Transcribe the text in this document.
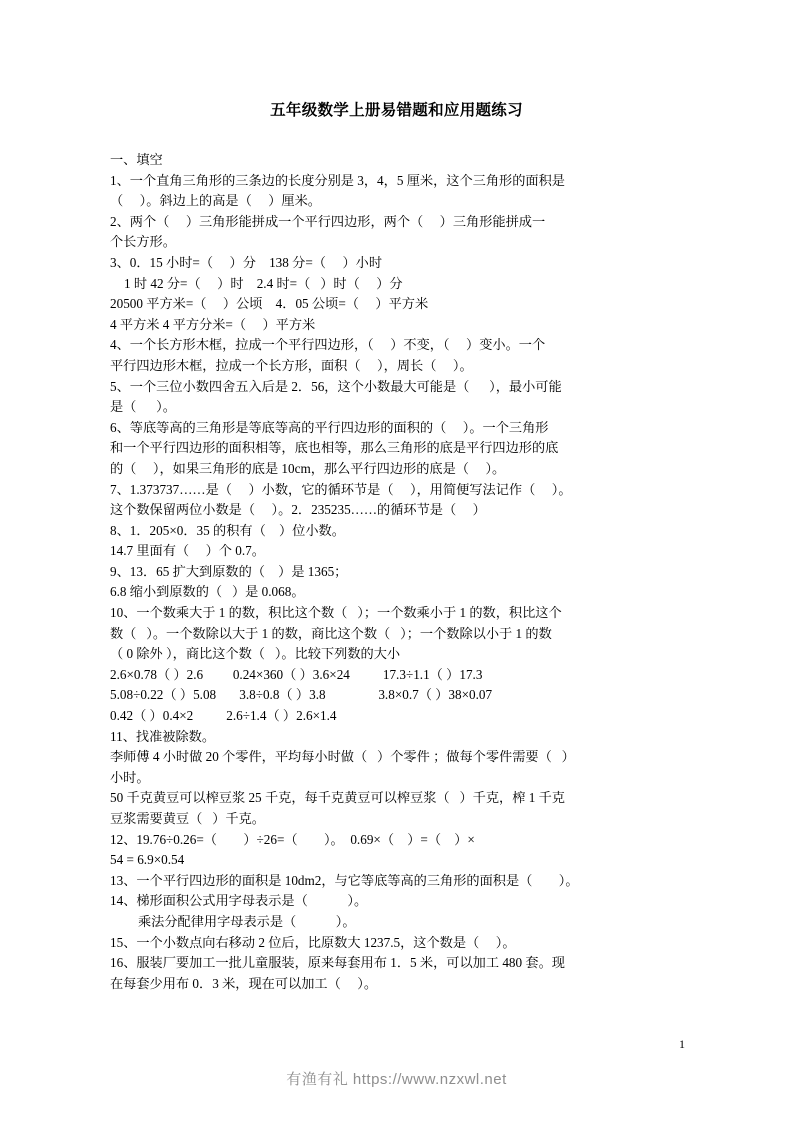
五年级数学上册易错题和应用题练习
一、填空
1、一个直角三角形的三条边的长度分别是 3，4，5 厘米，这个三角形的面积是
（     ）。斜边上的高是（     ）厘米。
2、两个（     ）三角形能拼成一个平行四边形，两个（     ）三角形能拼成一
个长方形。
3、0．15 小时=（     ）分    138 分=（     ）小时
1 时 42 分=（     ）时    2.4 时=（   ）时（     ）分
20500 平方米=（     ）公顷    4．05 公顷=（     ）平方米
4 平方米 4 平方分米=（     ）平方米
4、一个长方形木框，拉成一个平行四边形，（     ）不变，（     ）变小。一个
平行四边形木框，拉成一个长方形，面积（     ），周长（     ）。
5、一个三位小数四舍五入后是 2．56，这个小数最大可能是（      ），最小可能
是（      ）。
6、等底等高的三角形是等底等高的平行四边形的面积的（     ）。一个三角形
和一个平行四边形的面积相等，底也相等，那么三角形的底是平行四边形的底
的（     ），如果三角形的底是 10cm，那么平行四边形的底是（     ）。
7、1.373737……是（     ）小数，它的循环节是（     ），用简便写法记作（     ）。
这个数保留两位小数是（     ）。2．235235……的循环节是（     ）
8、1．205×0．35 的积有（    ）位小数。
14.7 里面有（     ）个 0.7。
9、13．65 扩大到原数的（    ）是 1365；
6.8 缩小到原数的（   ）是 0.068。
10、一个数乘大于 1 的数，积比这个数（   ）；一个数乘小于 1 的数，积比这个
数（   ）。一个数除以大于 1 的数，商比这个数（   ）；一个数除以小于 1 的数
（ 0 除外 ），商比这个数（   ）。比较下列数的大小
2.6×0.78（ ）2.6         0.24×360（ ）3.6×24          17.3÷1.1（ ）17.3
5.08÷0.22（ ）5.08       3.8÷0.8（ ）3.8                3.8×0.7（ ）38×0.07
0.42（ ）0.4×2          2.6÷1.4（ ）2.6×1.4
11、找准被除数。
李师傅 4 小时做 20 个零件，平均每小时做（   ）个零件 ；做每个零件需要（   ）
小时。
50 千克黄豆可以榨豆浆 25 千克，每千克黄豆可以榨豆浆（   ）千克，榨 1 千克
豆浆需要黄豆（   ）千克。
12、19.76÷0.26=（        ）÷26=（        ）。  0.69×（    ）=（    ）×
54 = 6.9×0.54
13、一个平行四边形的面积是 10dm2，与它等底等高的三角形的面积是（        ）。
14、梯形面积公式用字母表示是（            ）。
乘法分配律用字母表示是（            ）。
15、一个小数点向右移动 2 位后，比原数大 1237.5，这个数是（     ）。
16、服装厂要加工一批儿童服装，原来每套用布 1．5 米，可以加工 480 套。现
在每套少用布 0．3 米，现在可以加工（     ）。
1
有渔有礼 https://www.nzxwl.net
